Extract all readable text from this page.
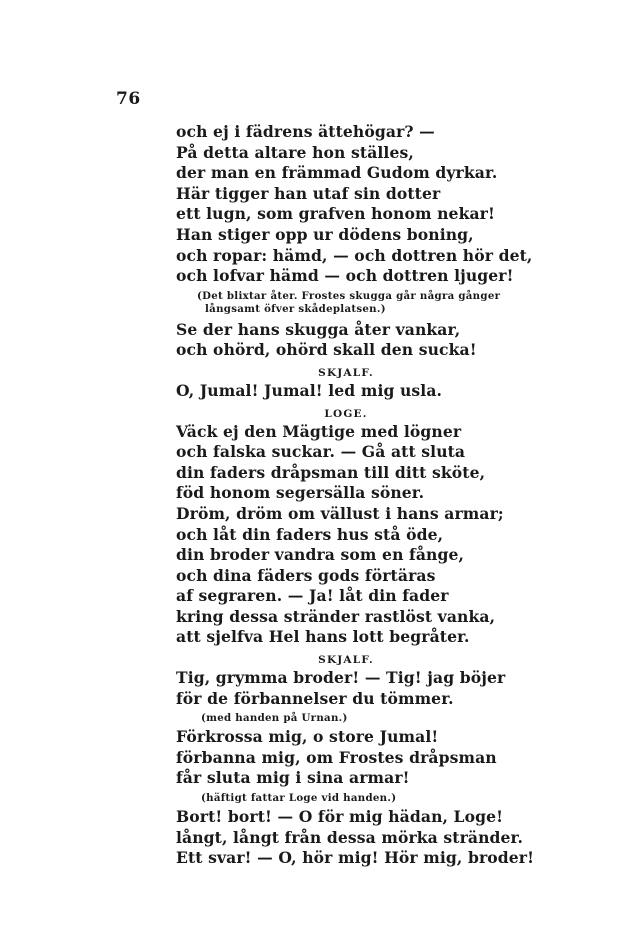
76
och ej i fädrens ättehögar? —
På detta altare hon ställes,
der man en främmad Gudom dyrkar.
Här tigger han utaf sin dotter
ett lugn, som grafven honom nekar!
Han stiger opp ur dödens boning,
och ropar: hämd, — och dottren hör det,
och lofvar hämd — och dottren ljuger!
(Det blixtar åter. Frostes skugga går några gånger
långsamt öfver skådeplatsen.)
Se der hans skugga åter vankar,
och ohörd, ohörd skall den sucka!
SKJALF.
O, Jumal! Jumal! led mig usla.
LOGE.
Väck ej den Mägtige med lögner
och falska suckar. — Gå att sluta
din faders dråpsman till ditt sköte,
föd honom segersälla söner.
Dröm, dröm om vällust i hans armar;
och låt din faders hus stå öde,
din broder vandra som en fånge,
och dina fäders gods förtäras
af segraren. — Ja! låt din fader
kring dessa stränder rastlöst vanka,
att sjelfva Hel hans lott begråter.
SKJALF.
Tig, grymma broder! — Tig! jag böjer
för de förbannelser du tömmer.
(med handen på Urnan.)
Förkrossa mig, o store Jumal!
förbanna mig, om Frostes dråpsman
får sluta mig i sina armar!
(häftigt fattar Loge vid handen.)
Bort! bort! — O för mig hädan, Loge!
långt, långt från dessa mörka stränder.
Ett svar! — O, hör mig! Hör mig, broder!
